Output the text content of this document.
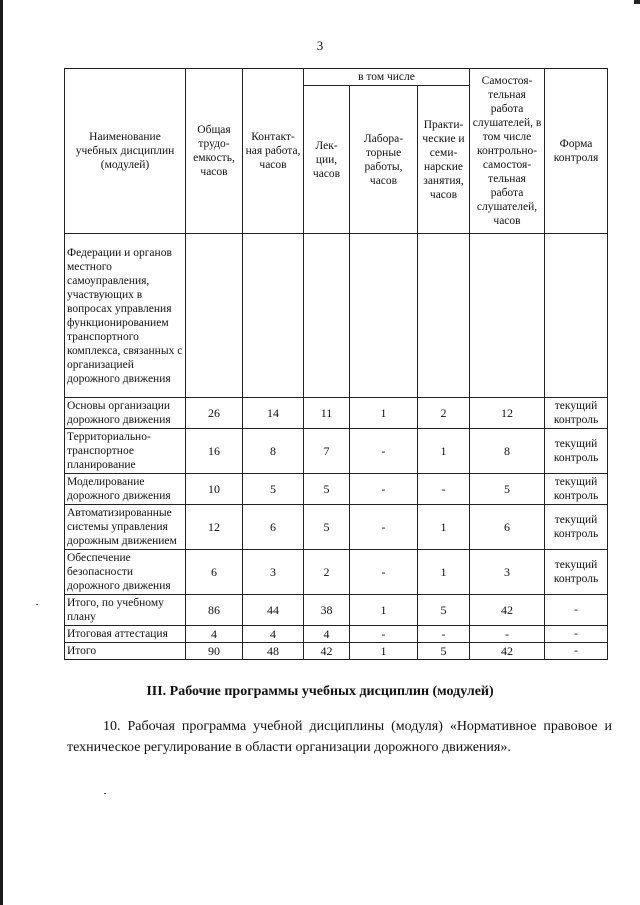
3
Наименование учебных дисциплин (модулей)	Общая трудо-емкость, часов	Контакт-ная работа, часов	в том числе			Самостоя-тельная работа слушателей, в том числе контрольно-самостоя-тельная работа слушателей, часов	Форма контроля
			Лек-ции, часов	Лабора-торные работы, часов	Практи-ческие и семи-нарские занятия, часов		
Федерации и органов местного самоуправления, участвующих в вопросах управления функционированием транспортного комплекса, связанных с организацией дорожного движения							
Основы организации дорожного движения	26	14	11	1	2	12	текущий контроль
Территориально-транспортное планирование	16	8	7	-	1	8	текущий контроль
Моделирование дорожного движения	10	5	5	-	-	5	текущий контроль
Автоматизированные системы управления дорожным движением	12	6	5	-	1	6	текущий контроль
Обеспечение безопасности дорожного движения	6	3	2	-	1	3	текущий контроль
Итого, по учебному плану	86	44	38	1	5	42	-
Итоговая аттестация	4	4	4	-	-	-	-
Итого	90	48	42	1	5	42	-
III. Рабочие программы учебных дисциплин (модулей)
10. Рабочая программа учебной дисциплины (модуля) «Нормативное правовое и техническое регулирование в области организации дорожного движения».
